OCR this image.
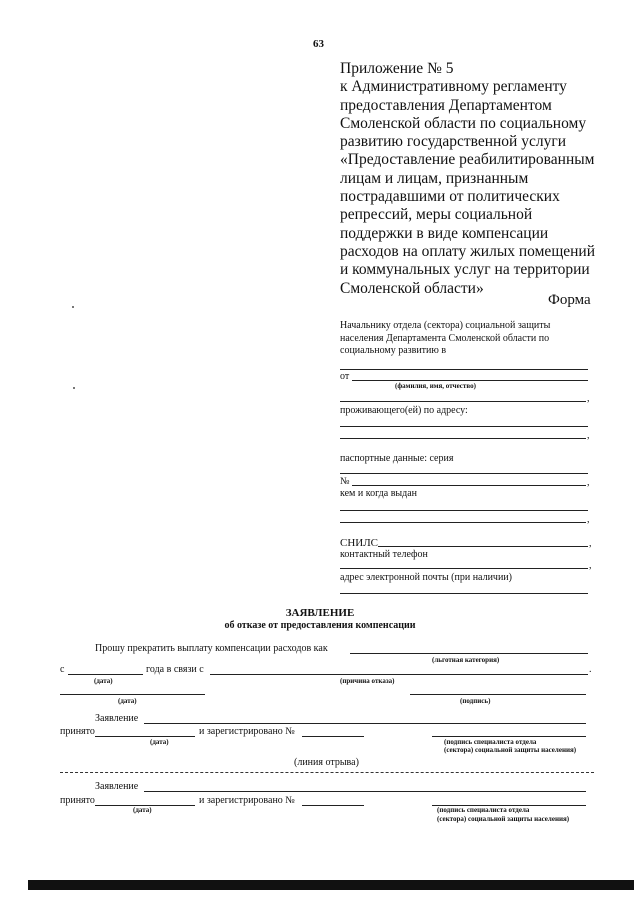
63
Приложение № 5
к Административному регламенту
предоставления Департаментом
Смоленской области по социальному
развитию государственной услуги
«Предоставление реабилитированным
лицам и лицам, признанным
пострадавшими от политических
репрессий, меры социальной
поддержки в виде компенсации
расходов на оплату жилых помещений
и коммунальных услуг на территории
Смоленской области»
Форма
Начальнику отдела (сектора) социальной защиты
населения Департамента Смоленской области по
социальному развитию в
от
(фамилия, имя, отчество)
,
проживающего(ей) по адресу:
,
паспортные данные: серия
№	,
кем и когда выдан
,
СНИЛС	,
контактный телефон
,
адрес электронной почты (при наличии)
ЗАЯВЛЕНИЕ
об отказе от предоставления компенсации
Прошу прекратить выплату компенсации расходов как
(льготная категория)
с	года в связи с	.
(дата)	(причина отказа)
(дата)	(подпись)
Заявление
принято	и зарегистрировано №
(дата)	(подпись специалиста отдела
(сектора) социальной защиты населения)
(линия отрыва)
Заявление
принято	и зарегистрировано №
(дата)	(подпись специалиста отдела
(сектора) социальной защиты населения)
